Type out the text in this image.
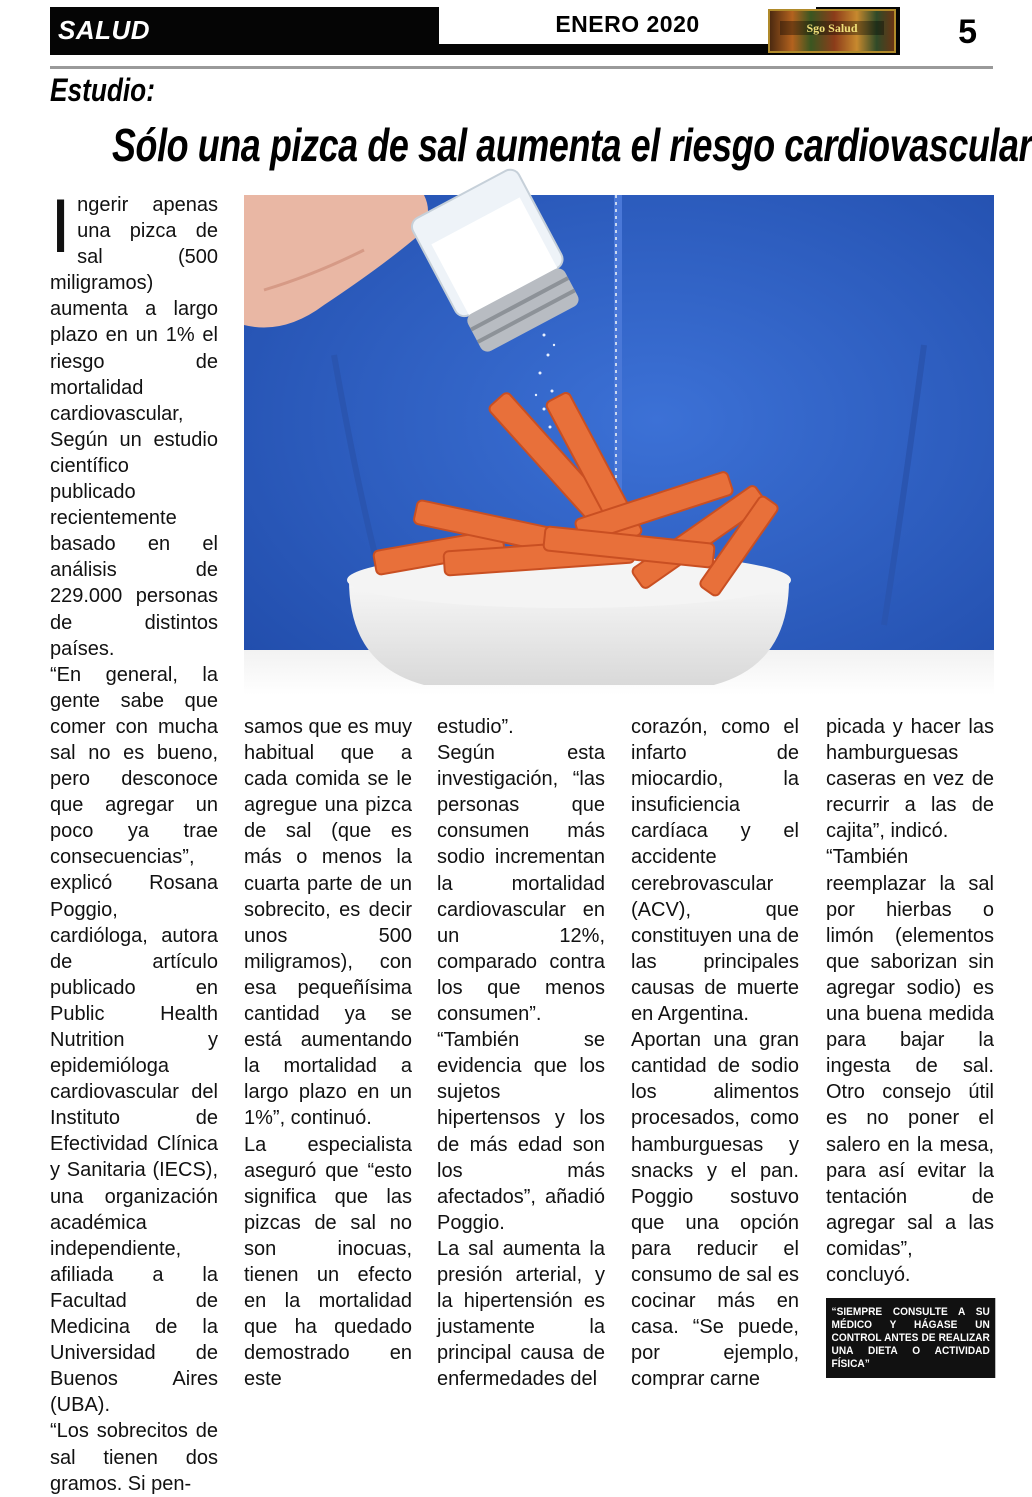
SALUD	ENERO 2020	Sgo Salud	5
Estudio:
Sólo una pizca de sal aumenta el riesgo cardiovascular
I ngerir apenas una pizca de sal (500 miligramos) aumenta a largo plazo en un 1% el riesgo de mortalidad cardiovascular, Según un estudio científico publicado recientemente basado en el análisis de 229.000 personas de distintos países.

“En general, la gente sabe que comer con mucha sal no es bueno, pero desconoce que agregar un poco ya trae consecuencias”, explicó Rosana Poggio, cardióloga, autora de artículo publicado en Public Health Nutrition y epidemióloga cardiovascular del Instituto de Efectividad Clínica y Sanitaria (IECS), una organización académica independiente, afiliada a la Facultad de Medicina de la Universidad de Buenos Aires (UBA).

“Los sobrecitos de sal tienen dos gramos. Si pen-

samos que es muy habitual que a cada comida se le agregue una pizca de sal (que es más o menos la cuarta parte de un sobrecito, es decir unos 500 miligramos), con esa pequeñísima cantidad ya se está aumentando la mortalidad a largo plazo en un 1%”, continuó.

La especialista aseguró que “esto significa que las pizcas de sal no son inocuas, tienen un efecto en la mortalidad que ha quedado demostrado en este

estudio”.

Según esta investigación, “las personas que consumen más sodio incrementan la mortalidad cardiovascular en un 12%, comparado contra los que menos consumen”.

“También se evidencia que los sujetos hipertensos y los de más edad son los más afectados”, añadió Poggio.

La sal aumenta la presión arterial, y la hipertensión es justamente la principal causa de enfermedades del

corazón, como el infarto de miocardio, la insuficiencia cardíaca y el accidente cerebrovascular (ACV), que constituyen una de las principales causas de muerte en Argentina.

Aportan una gran cantidad de sodio los alimentos procesados, como hamburguesas y snacks y el pan. Poggio sostuvo que una opción para reducir el consumo de sal es cocinar más en casa. “Se puede, por ejemplo, comprar carne

picada y hacer las hamburguesas caseras en vez de recurrir a las de cajita”, indicó.

“También reemplazar la sal por hierbas o limón (elementos que saborizan sin agregar sodio) es una buena medida para bajar la ingesta de sal. Otro consejo útil es no poner el salero en la mesa, para así evitar la tentación de agregar sal a las comidas”, concluyó.

“SIEMPRE CONSULTE A SU MÉDICO Y HÁGASE UN CONTROL ANTES DE REALIZAR UNA DIETA O ACTIVIDAD FÍSICA”
